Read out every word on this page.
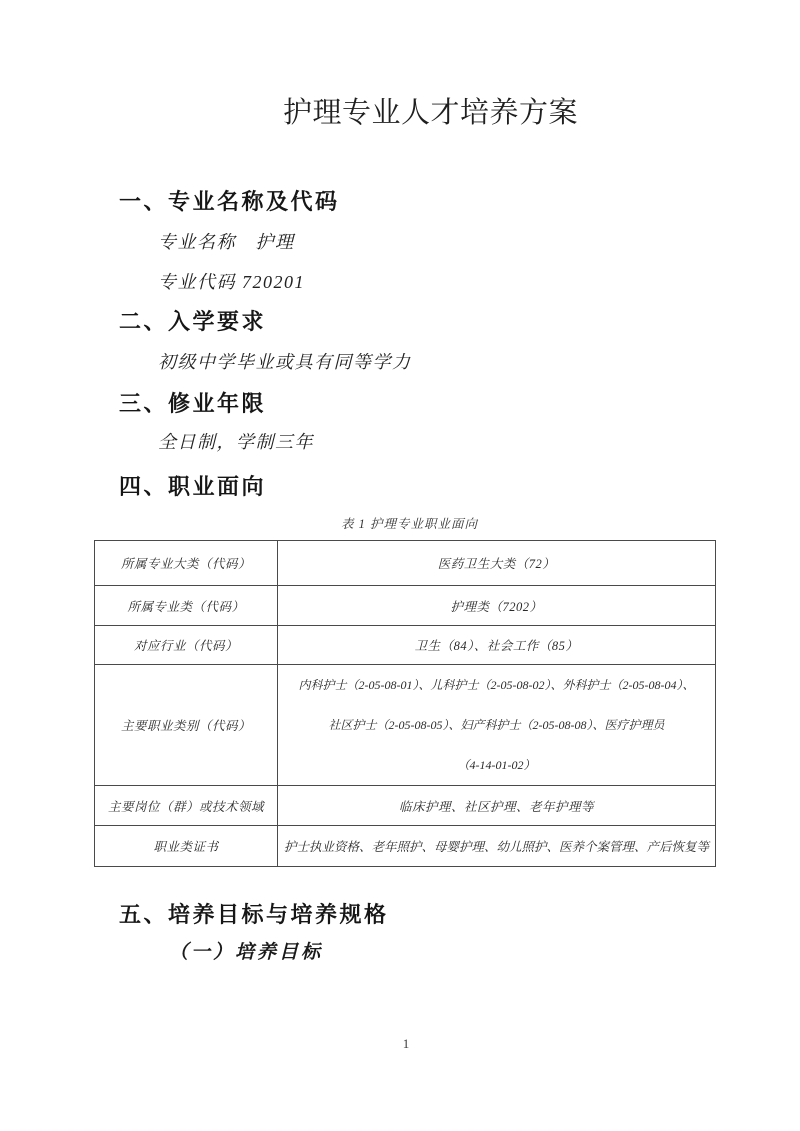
护理专业人才培养方案
一、专业名称及代码
专业名称　护理
专业代码 720201
二、入学要求
初级中学毕业或具有同等学力
三、修业年限
全日制，学制三年
四、职业面向
表 1 护理专业职业面向
所属专业大类（代码）	医药卫生大类（72）
所属专业类（代码）	护理类（7202）
对应行业（代码）	卫生（84）、社会工作（85）
主要职业类别（代码）	内科护士（2-05-08-01）、儿科护士（2-05-08-02）、外科护士（2-05-08-04）、
社区护士（2-05-08-05）、妇产科护士（2-05-08-08）、医疗护理员
（4-14-01-02）

主要岗位（群）或技术领域	临床护理、社区护理、老年护理等
职业类证书	护士执业资格、老年照护、母婴护理、幼儿照护、医养个案管理、产后恢复等
五、培养目标与培养规格
（一）培养目标
1
